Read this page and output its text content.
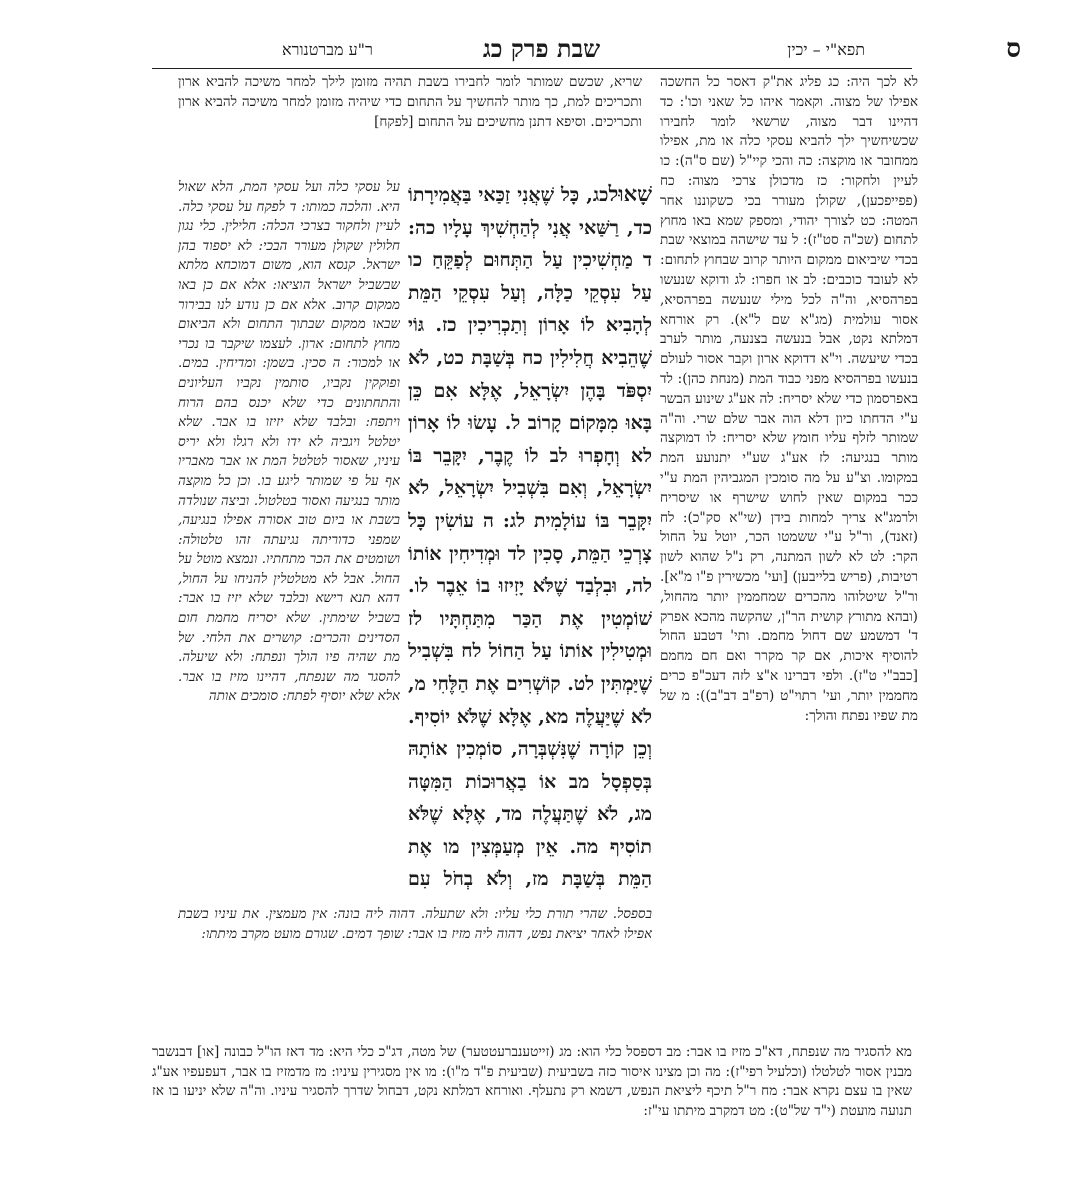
ס
תפא"י – יכין
שבת פרק כג
ר"ע מברטנורא

לא לכך היה: כג פליג את"ק דאסר כל החשכה אפילו של מצוה. וקאמר איהו כל שאני וכו': כד דהיינו דבר מצוה, שרשאי לומר לחבירו שכשיחשיך ילך להביא עסקי כלה או מת, אפילו ממחובר או מוקצה: כה והכי קיי"ל (שם ס"ה): כו לעיין ולחקור: כז מדכולן צרכי מצוה: כח (פפייפכען), שקולן מעורר בכי כשקוננו אחר המטה: כט לצורך יהודי, ומספק שמא באו מחוץ לתחום (שכ"ה סט"ז): ל עד שישהה במוצאי שבת בכדי שיביאום ממקום היותר קרוב שבחוץ לתחום: לא לעובד כוכבים: לב או חפרו: לג ודוקא שנעשו בפרהסיא, וה"ה לכל מילי שנעשה בפרהסיא, אסור עולמית (מג"א שם ל"א). רק אורחא דמלתא נקט, אבל בנעשה בצנעה, מותר לערב בכדי שיעשה. וי"א דדוקא ארון וקבר אסור לעולם בנעשו בפרהסיא מפני כבוד המת (מנחת כהן): לד באפרסמון כדי שלא יסריח: לה אע"ג שינוע הבשר ע"י הדחתו כיון דלא הוה אבר שלם שרי. וה"ה שמותר לזלף עליו חומץ שלא יסריח: לו דמוקצה מותר בנגיעה: לז אע"ג שע"י יתנועע המת במקומו. וצ"ע על מה סומכין המגביהין המת ע"י ככר במקום שאין לחוש שישרף או שיסריח ולרמג"א צריך למחות בידן (שי"א סק"כ): לח (זאנד), ור"ל ע"י ששמטו הכר, יוטל על החול הקר: לט לא לשון המתנה, רק נ"ל שהוא לשון רטיבות, (פריש בלייבען) [ועי' מכשירין פ"ו מ"א]. ור"ל שיטלוהו מהכרים שמחממין יותר מהחול, (ובהא מתורץ קושית הר"ן, שהקשה מהכא אפרק ד' דמשמע שם דחול מחמם. ותי' דטבע החול להוסיף איכות, אם קר מקרר ואם חם מחמם [כבב"י ט"ז). ולפי דברינו א"צ לזה דעכ"פ כרים מחממין יותר, ועי' רתוי"ט (רפ"ב דב"ב)): מ של מת שפיו נפתח והולך:

שריא, שכשם שמותר לומר לחבירו בשבת תהיה מזומן לילך למחר משיכה להביא ארון ותכריכים למת, כך מותר להחשיך על התחום כדי שיהיה מזומן למחר משיכה להביא ארון ותכריכים. וסיפא דתנן מחשיכים על התחום [לפקח]

שָׁאוּלכג, כָּל שֶׁאֲנִי זַכַּאי בַּאֲמִירָתוֹ כד, רַשַּׁאי אֲנִי לְהַחְשִׁיךְ עָלָיו כה: ד מַחְשִׁיכִין עַל הַתְּחוּם לְפַקֵּחַ כו עַל עִסְקֵי כַלָּה, וְעַל עִסְקֵי הַמֵּת לְהָבִיא לוֹ אָרוֹן וְתַכְרִיכִין כז. גּוֹי שֶׁהֵבִיא חֲלִילִין כח בְּשַׁבָּת כט, לֹא יִסְפֹּד בָּהֶן יִשְׂרָאֵל, אֶלָּא אִם כֵּן בָּאוּ מִמָּקוֹם קָרוֹב ל. עָשׂוּ לוֹ אָרוֹן לא וְחָפְרוּ לב לוֹ קֶבֶר, יִקָּבֵר בּוֹ יִשְׂרָאֵל, וְאִם בִּשְׁבִיל יִשְׂרָאֵל, לֹא יִקָּבֵר בּוֹ עוֹלָמִית לג: ה עוֹשִׂין כָּל צָרְכֵי הַמֵּת, סָכִין לד וּמְדִיחִין אוֹתוֹ לה, וּבִלְבַד שֶׁלֹּא יָזִיזוּ בוֹ אֵבֶר לו. שׁוֹמְטִין אֶת הַכַּר מִתַּחְתָּיו לז וּמְטִילִין אוֹתוֹ עַל הַחוֹל לח בִּשְׁבִיל שֶׁיַּמְתִּין לט. קוֹשְׁרִים אֶת הַלֶּחִי מ, לֹא שֶׁיַּעֲלֶה מא, אֶלָּא שֶׁלֹּא יוֹסִיף. וְכֵן קוֹרָה שֶׁנִּשְׁבְּרָה, סוֹמְכִין אוֹתָהּ בְּסַפְסָל מב אוֹ בַאֲרוּכוֹת הַמִּטָּה מג, לֹא שֶׁתַּעֲלֶה מד, אֶלָּא שֶׁלֹּא תוֹסִיף מה. אֵין מְעַמְּצִין מו אֶת הַמֵּת בְּשַׁבָּת מז, וְלֹא בְחֹל עִם

על עסקי כלה ועל עסקי המת, הלא שאול היא. והלכה כמותו: ד לפקח על עסקי כלה. לעיין ולחקור בצרכי הכלה: חלילין. כלי נגון חלולין שקולן מעורר הבכי: לא יספוד בהן ישראל. קנסא הוא, משום דמוכחא מלתא שבשביל ישראל הוציאו: אלא אם כן באו ממקום קרוב. אלא אם כן נודע לנו בבירור שבאו ממקום שבתוך התחום ולא הביאום מחוץ לתחום: ארון. לעצמו שיקבר בו נכרי או למכור: ה סכין. בשמן: ומדיחין. במים. ופוקקין נקביו, סותמין נקביו העליונים והתחתונים כדי שלא יכנס בהם הרוח ויתפח: ובלבד שלא יזיזו בו אבר. שלא יטלטל ויגביה לא ידו ולא רגלו ולא יריס עיניו, שאסור לטלטל המת או אבר מאבריו אף על פי שמותר ליגע בו. וכן כל מוקצה מותר בנגיעה ואסור בטלטול. וביצה שנולדה בשבת או ביום טוב אסורה אפילו בנגיעה, שמפני כדוריתה נגיעתה זהו טלטולה: ושומטים את הכר מתחתיו. ונמצא מוטל על החול. אבל לא מטלטלין להניחו על החול, דהא תנא רישא ובלבד שלא יזיז בו אבר: בשביל שימתין. שלא יסריח מחמת חום הסדינים והכרים: קושרים את הלחי. של מת שהיה פיו הולך ונפתח: ולא שיעלה. להסגר מה שנפתח, דהיינו מזיז בו אבר. אלא שלא יוסיף לפתח: סומכים אותה

בספסל. שהרי תורת כלי עליו: ולא שתעלה. דהוה ליה בונה: אין מעמצין. את עיניו בשבת אפילו לאחר יציאת נפש, דהוה ליה מזיז בו אבר: שופך דמים. שגורם מועט מקרב מיתתו:

מא להסגיר מה שנפתח, דא"כ מזיז בו אבר: מב דספסל כלי הוא: מג (זייטענברעטטער) של מטה, דג"כ כלי היא: מד דאז הו"ל כבונה [או] דבנשבר מבנין אסור לטלטלו (וכלעיל רפי"ז): מה וכן מצינו איסור כזה בשביעית (שביעית פ"ד מ"ו): מו אין מסגירין עיניו: מז מדמזיז בו אבר, דעפעפיו אע"ג שאין בו עצם נקרא אבר: מח ר"ל תיכף ליציאת הנפש, דשמא רק נתעלף. ואורחא דמלתא נקט, דבחול שדרך להסגיר עיניו. וה"ה שלא יניעו בו אז תנועה מועטת (י"ד של"ט): מט דמקרב מיתתו עי"ז:
